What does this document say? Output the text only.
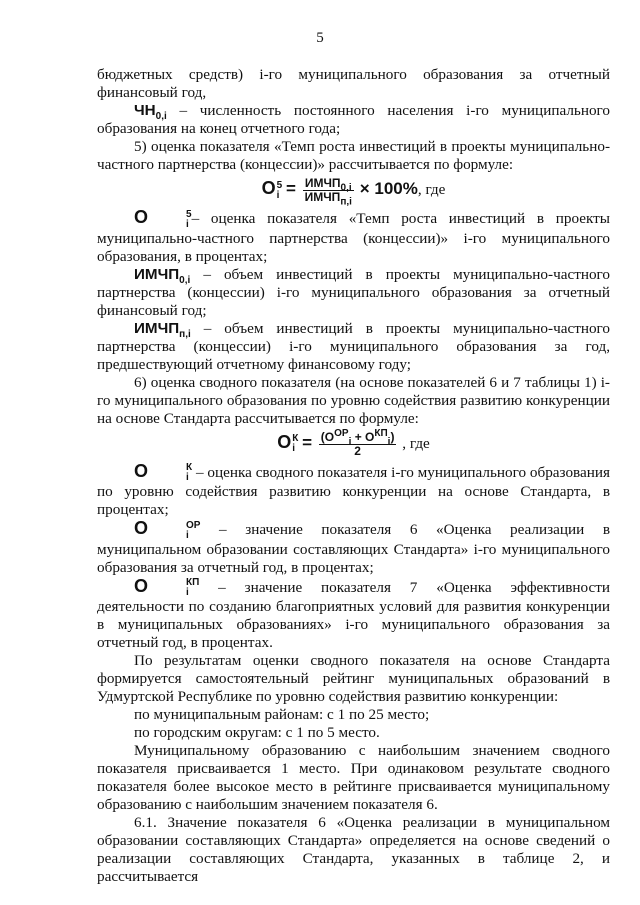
5

бюджетных средств) i-го муниципального образования за отчетный финансовый год,

$ЧН_{0,i}$ – численность постоянного населения i-го муниципального образования на конец отчетного года;

5) оценка показателя «Темп роста инвестиций в проекты муниципально-частного партнерства (концессии)» рассчитывается по формуле:

О 5
$i = \frac{ИМЧП_{0,i}}{ИМЧП_{п,i}} \times 100\%$, где

О	5
i – оценка показателя «Темп роста инвестиций в проекты муниципально-частного партнерства (концессии)» i-го муниципального образования, в процентах;

$ИМЧП_{0,i}$ – объем инвестиций в проекты муниципально-частного партнерства (концессии) i-го муниципального образования за отчетный финансовый год;

$ИМЧП_{п,i}$ – объем инвестиций в проекты муниципально-частного партнерства (концессии) i-го муниципального образования за год, предшествующий отчетному финансовому году;

6) оценка сводного показателя (на основе показателей 6 и 7 таблицы 1) i-го муниципального образования по уровню содействия развитию конкуренции на основе Стандарта рассчитывается по формуле:

О К
$i = \frac{(О^{ОР}_i + О^{КП}_i)}{2}$ , где

О	К
i – оценка сводного показателя i-го муниципального образования по уровню содействия развитию конкуренции на основе Стандарта, в процентах;

О	ОР
i – значение показателя 6 «Оценка реализации в муниципальном образовании составляющих Стандарта» i-го муниципального образования за отчетный год, в процентах;

О	КП
i – значение показателя 7 «Оценка эффективности деятельности по созданию благоприятных условий для развития конкуренции в муниципальных образованиях» i-го муниципального образования за отчетный год, в процентах.

По результатам оценки сводного показателя на основе Стандарта формируется самостоятельный рейтинг муниципальных образований в Удмуртской Республике по уровню содействия развитию конкуренции:

по муниципальным районам: с 1 по 25 место;

по городским округам: с 1 по 5 место.

Муниципальному образованию с наибольшим значением сводного показателя присваивается 1 место. При одинаковом результате сводного показателя более высокое место в рейтинге присваивается муниципальному образованию с наибольшим значением показателя 6.

6.1. Значение показателя 6 «Оценка реализации в муниципальном образовании составляющих Стандарта» определяется на основе сведений о реализации составляющих Стандарта, указанных в таблице 2, и рассчитывается
